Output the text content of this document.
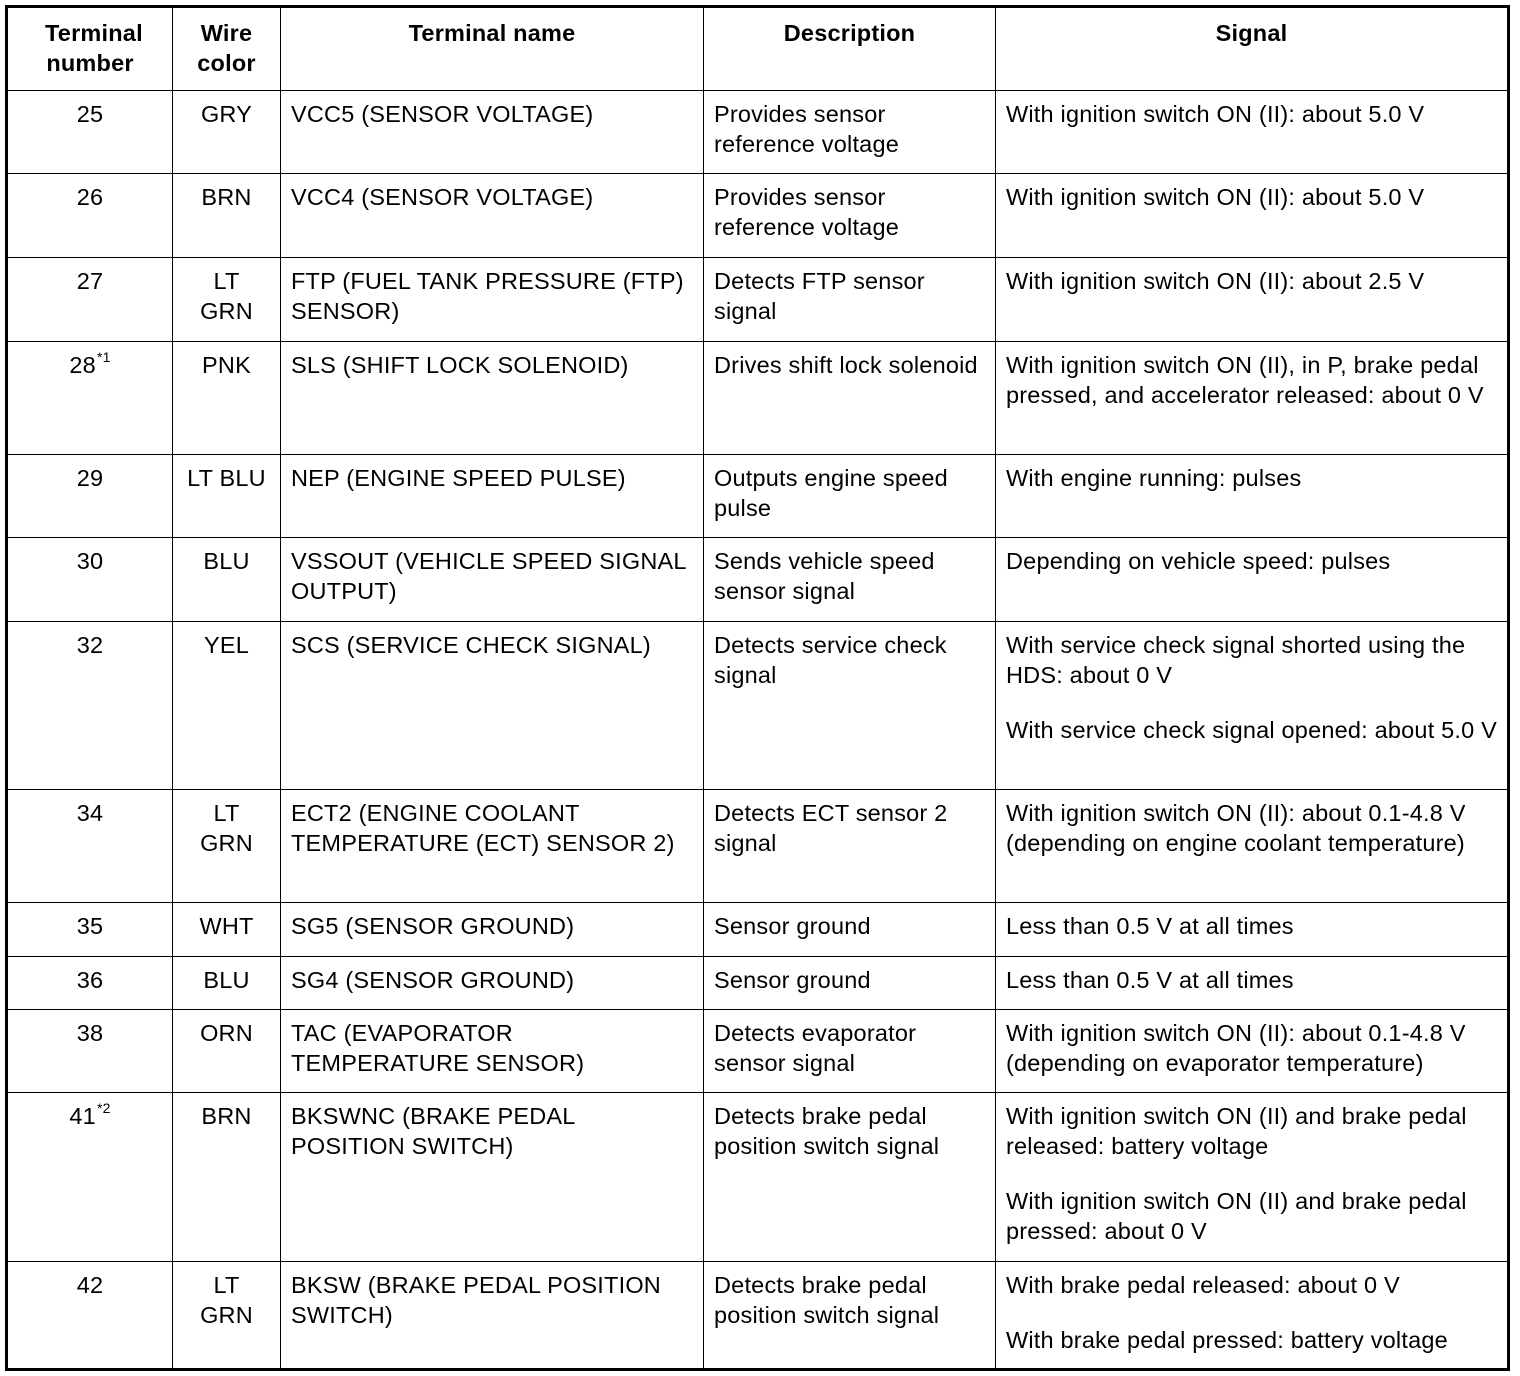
Terminal number	Wire color	Terminal name	Description	Signal
25	GRY	VCC5 (SENSOR VOLTAGE)	Provides sensor reference voltage	With ignition switch ON (II): about 5.0 V

26	BRN	VCC4 (SENSOR VOLTAGE)	Provides sensor reference voltage	With ignition switch ON (II): about 5.0 V

27	LT GRN	FTP (FUEL TANK PRESSURE (FTP) SENSOR)	Detects FTP sensor signal	With ignition switch ON (II): about 2.5 V

28$^{*1}$	PNK	SLS (SHIFT LOCK SOLENOID)	Drives shift lock solenoid	With ignition switch ON (II), in P, brake pedal pressed, and accelerator released: about 0 V

29	LT BLU	NEP (ENGINE SPEED PULSE)	Outputs engine speed pulse	With engine running: pulses

30	BLU	VSSOUT (VEHICLE SPEED SIGNAL OUTPUT)	Sends vehicle speed sensor signal	Depending on vehicle speed: pulses

32	YEL	SCS (SERVICE CHECK SIGNAL)	Detects service check signal	With service check signal shorted using the HDS: about 0 V
With service check signal opened: about 5.0 V

34	LT GRN	ECT2 (ENGINE COOLANT TEMPERATURE (ECT) SENSOR 2)	Detects ECT sensor 2 signal	With ignition switch ON (II): about 0.1-4.8 V (depending on engine coolant temperature)

35	WHT	SG5 (SENSOR GROUND)	Sensor ground	Less than 0.5 V at all times

36	BLU	SG4 (SENSOR GROUND)	Sensor ground	Less than 0.5 V at all times

38	ORN	TAC (EVAPORATOR TEMPERATURE SENSOR)	Detects evaporator sensor signal	With ignition switch ON (II): about 0.1-4.8 V (depending on evaporator temperature)

41$^{*2}$	BRN	BKSWNC (BRAKE PEDAL POSITION SWITCH)	Detects brake pedal position switch signal	With ignition switch ON (II) and brake pedal released: battery voltage
With ignition switch ON (II) and brake pedal pressed: about 0 V

42	LT GRN	BKSW (BRAKE PEDAL POSITION SWITCH)	Detects brake pedal position switch signal	With brake pedal released: about 0 V
With brake pedal pressed: battery voltage
